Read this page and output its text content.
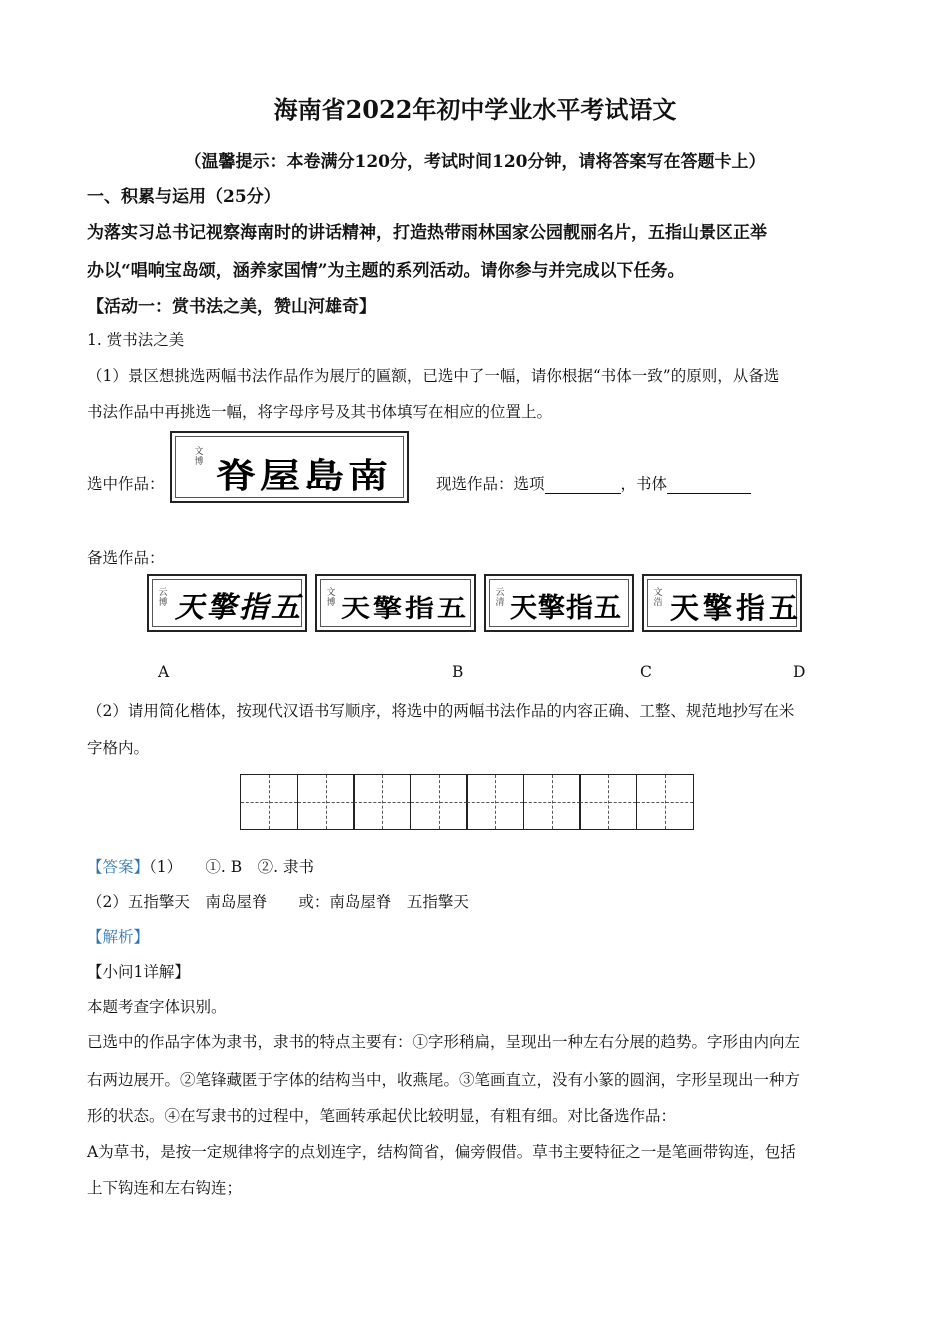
海南省2022年初中学业水平考试语文
（温馨提示：本卷满分120分，考试时间120分钟，请将答案写在答题卡上）
一、积累与运用（25分）
为落实习总书记视察海南时的讲话精神，打造热带雨林国家公园靓丽名片，五指山景区正举
办以“唱响宝岛颂，涵养家国情”为主题的系列活动。请你参与并完成以下任务。
【活动一：赏书法之美，赞山河雄奇】
1. 赏书法之美
（1）景区想挑选两幅书法作品作为展厅的匾额，已选中了一幅，请你根据“书体一致”的原则，从备选
书法作品中再挑选一幅，将字母序号及其书体填写在相应的位置上。
选中作品：
文博 脊屋島南	现选作品：选项	，书体
备选作品：
云博 天擎指五	文博 天擎指五
云清 天擎指五	文浩 天擎指五
A	B	C	D
（2）请用简化楷体，按现代汉语书写顺序，将选中的两幅书法作品的内容正确、工整、规范地抄写在米
字格内。
【答案】（1）　　①. B　②. 隶书
（2）五指擎天　南岛屋脊　　或：南岛屋脊　五指擎天
【解析】
【小问1详解】
本题考查字体识别。
已选中的作品字体为隶书，隶书的特点主要有：①字形稍扁，呈现出一种左右分展的趋势。字形由内向左
右两边展开。②笔锋藏匿于字体的结构当中，收燕尾。③笔画直立，没有小篆的圆润，字形呈现出一种方
形的状态。④在写隶书的过程中，笔画转承起伏比较明显，有粗有细。对比备选作品：
A为草书，是按一定规律将字的点划连字，结构简省，偏旁假借。草书主要特征之一是笔画带钩连，包括
上下钩连和左右钩连；
